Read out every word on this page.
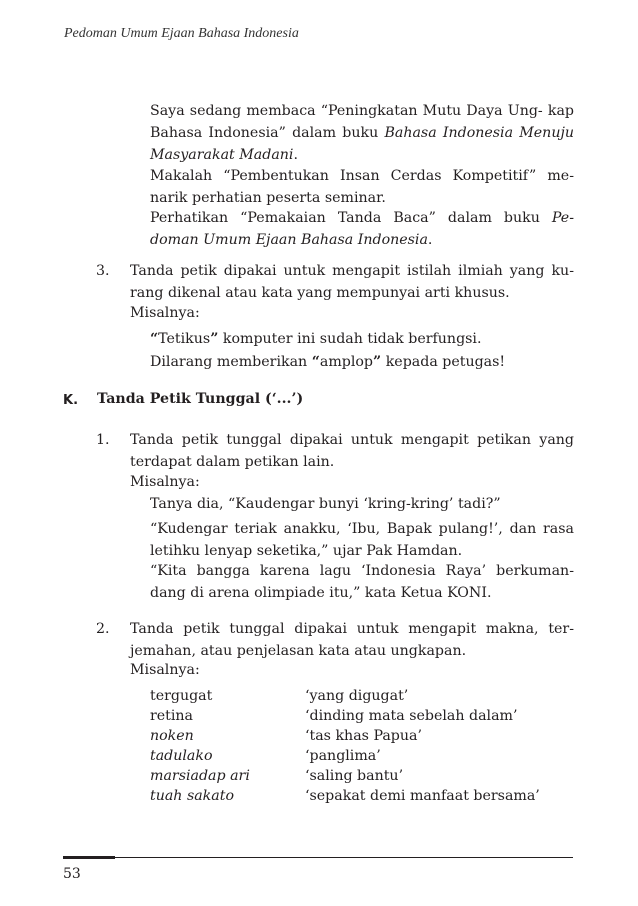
Pedoman Umum Ejaan Bahasa Indonesia

Saya sedang membaca “Peningkatan Mutu Daya Ung- kap Bahasa Indonesia” dalam buku Bahasa Indonesia Menuju Masyarakat Madani.

Makalah “Pembentukan Insan Cerdas Kompetitif” me- narik perhatian peserta seminar.

Perhatikan “Pemakaian Tanda Baca” dalam buku Pe- doman Umum Ejaan Bahasa Indonesia.

3. Tanda petik dipakai untuk mengapit istilah ilmiah yang ku- rang dikenal atau kata yang mempunyai arti khusus.

Misalnya:
“Tetikus” komputer ini sudah tidak berfungsi.
Dilarang memberikan “amplop” kepada petugas!
K. Tanda Petik Tunggal (‘...’)
1. Tanda petik tunggal dipakai untuk mengapit petikan yang terdapat dalam petikan lain.

Misalnya:

Tanya dia, “Kaudengar bunyi ‘kring-kring’ tadi?”

“Kudengar teriak anakku, ‘Ibu, Bapak pulang!’, dan rasa letihku lenyap seketika,” ujar Pak Hamdan.

“Kita bangga karena lagu ‘Indonesia Raya’ berkuman- dang di arena olimpiade itu,” kata Ketua KONI.

2. Tanda petik tunggal dipakai untuk mengapit makna, ter- jemahan, atau penjelasan kata atau ungkapan.

Misalnya:
tergugat	‘yang digugat’
retina	‘dinding mata sebelah dalam’
noken	‘tas khas Papua’
tadulako	‘panglima’
marsiadap ari	‘saling bantu’
tuah sakato	‘sepakat demi manfaat bersama’
53
